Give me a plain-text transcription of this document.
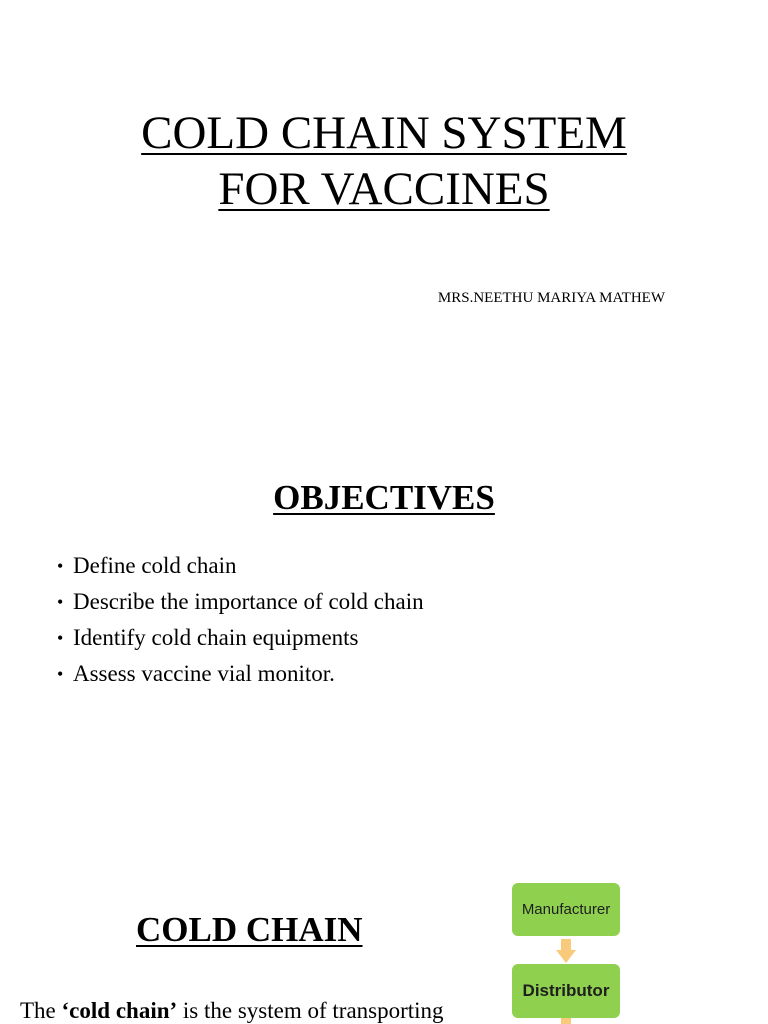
COLD CHAIN SYSTEM
FOR VACCINES
MRS.NEETHU MARIYA MATHEW
OBJECTIVES
• Define cold chain
• Describe the importance of cold chain
• Identify cold chain equipments
• Assess vaccine vial monitor.
COLD CHAIN
The ‘cold chain’ is the system of transporting
Manufacturer
Distributor
